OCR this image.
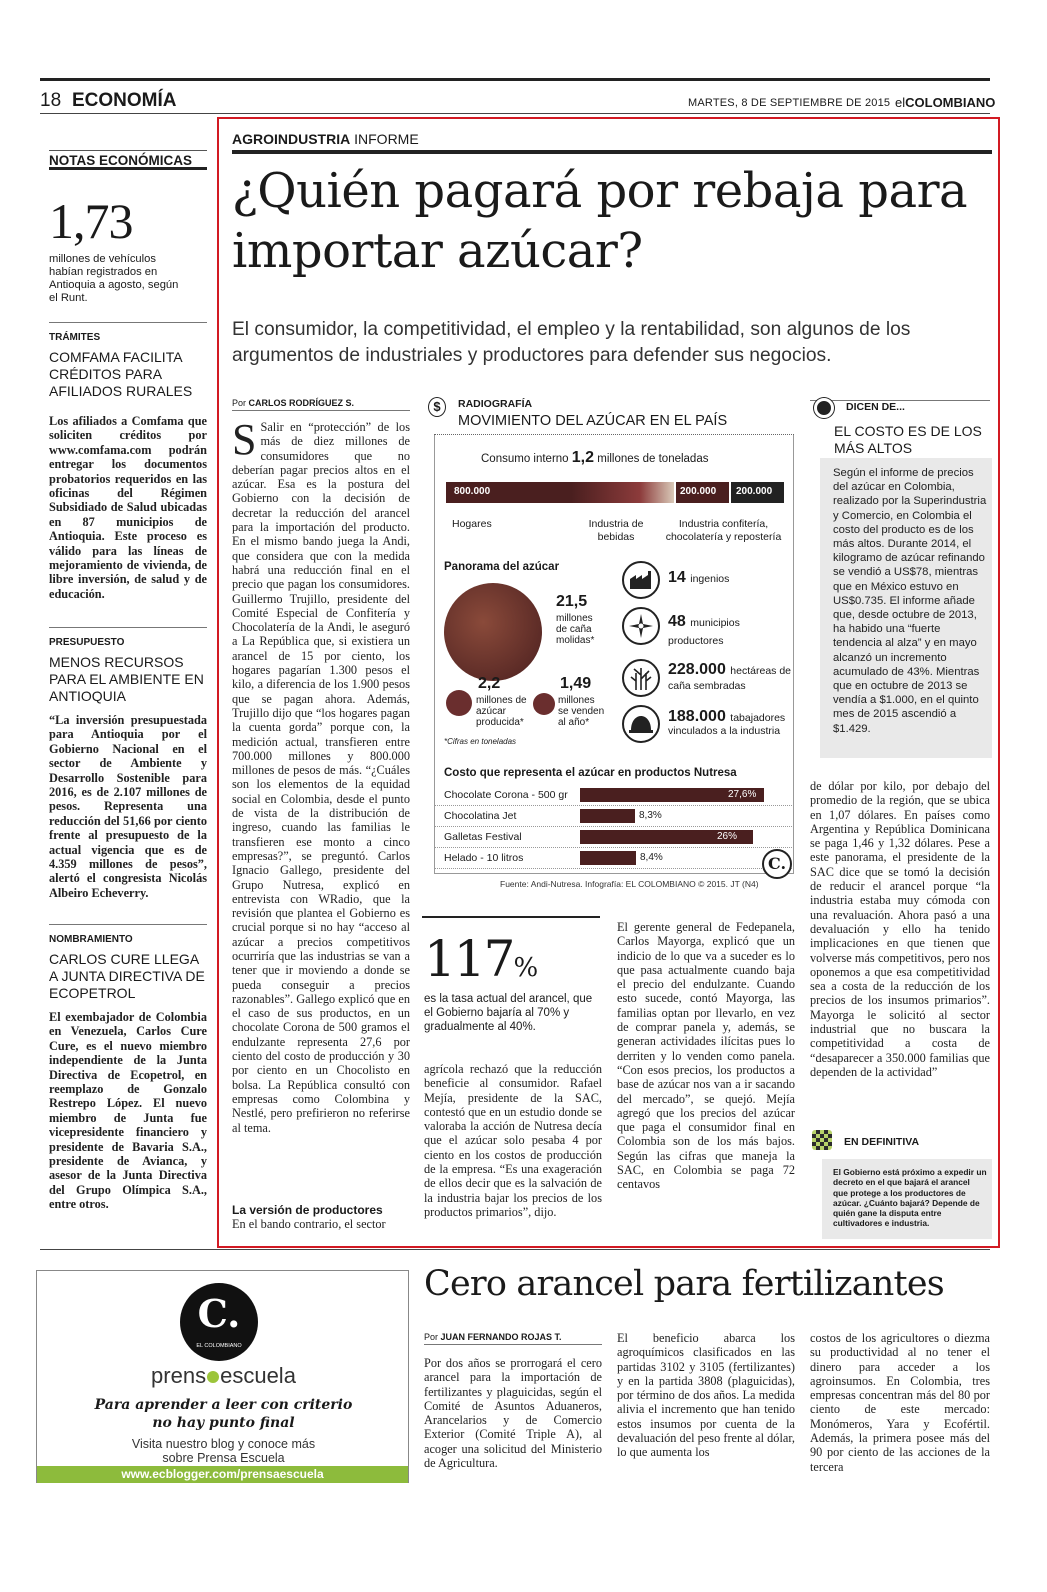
18 ECONOMÍA	MARTES, 8 DE SEPTIEMBRE DE 2015 elCOLOMBIANO
NOTAS ECONÓMICAS
1,73
millones de vehículos habían registrados en Antioquia a agosto, según el Runt.
TRÁMITES
COMFAMA FACILITA CRÉDITOS PARA AFILIADOS RURALES
Los afiliados a Comfama que soliciten créditos por www.comfama.com podrán entregar los documentos probatorios requeridos en las oficinas del Régimen Subsidiado de Salud ubicadas en 87 municipios de Antioquia. Este proceso es válido para las líneas de mejoramiento de vivienda, de libre inversión, de salud y de educación.
PRESUPUESTO
MENOS RECURSOS PARA EL AMBIENTE EN ANTIOQUIA
“La inversión presupuestada para Antioquia por el Gobierno Nacional en el sector de Ambiente y Desarrollo Sostenible para 2016, es de 2.107 millones de pesos. Representa una reducción del 51,66 por ciento frente al presupuesto de la actual vigencia que es de 4.359 millones de pesos”, alertó el congresista Nicolás Albeiro Echeverry.
NOMBRAMIENTO
CARLOS CURE LLEGA A JUNTA DIRECTIVA DE ECOPETROL
El exembajador de Colombia en Venezuela, Carlos Cure Cure, es el nuevo miembro independiente de la Junta Directiva de Ecopetrol, en reemplazo de Gonzalo Restrepo López. El nuevo miembro de Junta fue vicepresidente financiero y presidente de Bavaria S.A., presidente de Avianca, y asesor de la Junta Directiva del Grupo Olímpica S.A., entre otros.
AGROINDUSTRIA INFORME
¿Quién pagará por rebaja para importar azúcar?
El consumidor, la competitividad, el empleo y la rentabilidad, son algunos de los argumentos de industriales y productores para defender sus negocios.
Por CARLOS RODRÍGUEZ S.
S Salir en “protección” de los más de diez millones de consumidores que no deberían pagar precios altos en el azúcar. Esa es la postura del Gobierno con la decisión de decretar la reducción del arancel para la importación del producto. En el mismo bando juega la Andi, que considera que con la medida habrá una reducción final en el precio que pagan los consumidores. Guillermo Trujillo, presidente del Comité Especial de Confitería y Chocolatería de la Andi, le aseguró a La República que, si existiera un arancel de 15 por ciento, los hogares pagarían 1.300 pesos el kilo, a diferencia de los 1.900 pesos que se pagan ahora. Además, Trujillo dijo que “los hogares pagan la cuenta gorda” porque con, la medición actual, transfieren entre 700.000 millones y 800.000 millones de pesos de más. “¿Cuáles son los elementos de la equidad social en Colombia, desde el punto de vista de la distribución de ingreso, cuando las familias le transfieren ese monto a cinco empresas?”, se preguntó. Carlos Ignacio Gallego, presidente del Grupo Nutresa, explicó en entrevista con WRadio, que la revisión que plantea el Gobierno es crucial porque si no hay “acceso al azúcar a precios competitivos ocurriría que las industrias se van a tener que ir moviendo a donde se pueda conseguir a precios razonables”. Gallego explicó que en el caso de sus productos, en un chocolate Corona de 500 gramos el endulzante representa 27,6 por ciento del costo de producción y 30 por ciento en un Chocolisto en bolsa. La República consultó con empresas como Colombina y Nestlé, pero prefirieron no referirse al tema.
La versión de productores
En el bando contrario, el sector
117%
es la tasa actual del arancel, que el Gobierno bajaría al 70% y gradualmente al 40%.
agrícola rechazó que la reducción beneficie al consumidor. Rafael Mejía, presidente de la SAC, contestó que en un estudio donde se valoraba la acción de Nutresa decía que el azúcar solo pesaba 4 por ciento en los costos de producción de la empresa. “Es una exageración de ellos decir que es la salvación de la industria bajar los precios de los productos primarios”, dijo.
El gerente general de Fedepanela, Carlos Mayorga, explicó que un indicio de lo que va a suceder es lo que pasa actualmente cuando baja el precio del endulzante. Cuando esto sucede, contó Mayorga, las familias optan por llevarlo, en vez de comprar panela y, además, se generan actividades ilícitas pues lo derriten y lo venden como panela. “Con esos precios, los productos a base de azúcar nos van a ir sacando del mercado”, se quejó. Mejía agregó que los precios del azúcar que paga el consumidor final en Colombia son de los más bajos. Según las cifras que maneja la SAC, en Colombia se paga 72 centavos
de dólar por kilo, por debajo del promedio de la región, que se ubica en 1,07 dólares. En países como Argentina y República Dominicana se paga 1,46 y 1,32 dólares. Pese a este panorama, el presidente de la SAC dice que se tomó la decisión de reducir el arancel porque “la industria estaba muy cómoda con una revaluación. Ahora pasó a una devaluación y ello ha tenido implicaciones en que tienen que volverse más competitivos, pero nos oponemos a que esa competitividad sea a costa de la reducción de los precios de los insumos primarios”. Mayorga le solicitó al sector industrial que no buscara la competitividad a costa de “desaparecer a 350.000 familias que dependen de la actividad”
DICEN DE...
EL COSTO ES DE LOS MÁS ALTOS
Según el informe de precios del azúcar en Colombia, realizado por la Superindustria y Comercio, en Colombia el costo del producto es de los más altos. Durante 2014, el kilogramo de azúcar refinando se vendió a US$78, mientras que en México estuvo en US$0.735. El informe añade que, desde octubre de 2013, ha habido una “fuerte tendencia al alza” y en mayo alcanzó un incremento acumulado de 43%. Mientras que en octubre de 2013 se vendía a $1.000, en el quinto mes de 2015 ascendió a $1.429.
EN DEFINITIVA
El Gobierno está próximo a expedir un decreto en el que bajará el arancel que protege a los productores de azúcar. ¿Cuánto bajará? Depende de quién gane la disputa entre cultivadores e industria.
$	RADIOGRAFÍA
MOVIMIENTO DEL AZÚCAR EN EL PAÍS
Consumo interno 1,2 millones de toneladas
800.000	200.000 200.000
Hogares	Industria de bebidas
Industria confitería, chocolatería y repostería
Panorama del azúcar
21,5
millones de caña molidas*
2,2
millones de azúcar producida*
1,49
millones se venden al año*
*Cifras en toneladas
14 ingenios
48 municipios productores
228.000 hectáreas de caña sembradas
188.000 tabajadores vinculados a la industria
Costo que representa el azúcar en productos Nutresa
Chocolate Corona - 500 gr	27,6%
Chocolatina Jet	8,3%
Galletas Festival	26%
Helado - 10 litros	8,4%	C.
Fuente: Andi-Nutresa. Infografía: EL COLOMBIANO © 2015. JT (N4)
C.
EL COLOMBIANO
prens escuela
Para aprender a leer con criterio
no hay punto final
Visita nuestro blog y conoce más
sobre Prensa Escuela
www.ecblogger.com/prensaescuela
Cero arancel para fertilizantes
Por JUAN FERNANDO ROJAS T.
Por dos años se prorrogará el cero arancel para la importación de fertilizantes y plaguicidas, según el Comité de Asuntos Aduaneros, Arancelarios y de Comercio Exterior (Comité Triple A), al acoger una solicitud del Ministerio de Agricultura.
El beneficio abarca los agroquímicos clasificados en las partidas 3102 y 3105 (fertilizantes) y en la partida 3808 (plaguicidas), por término de dos años. La medida alivia el incremento que han tenido estos insumos por cuenta de la devaluación del peso frente al dólar, lo que aumenta los
costos de los agricultores o diezma su productividad al no tener el dinero para acceder a los agroinsumos. En Colombia, tres empresas concentran más del 80 por ciento de este mercado: Monómeros, Yara y Ecofértil. Además, la primera posee más del 90 por ciento de las acciones de la tercera
